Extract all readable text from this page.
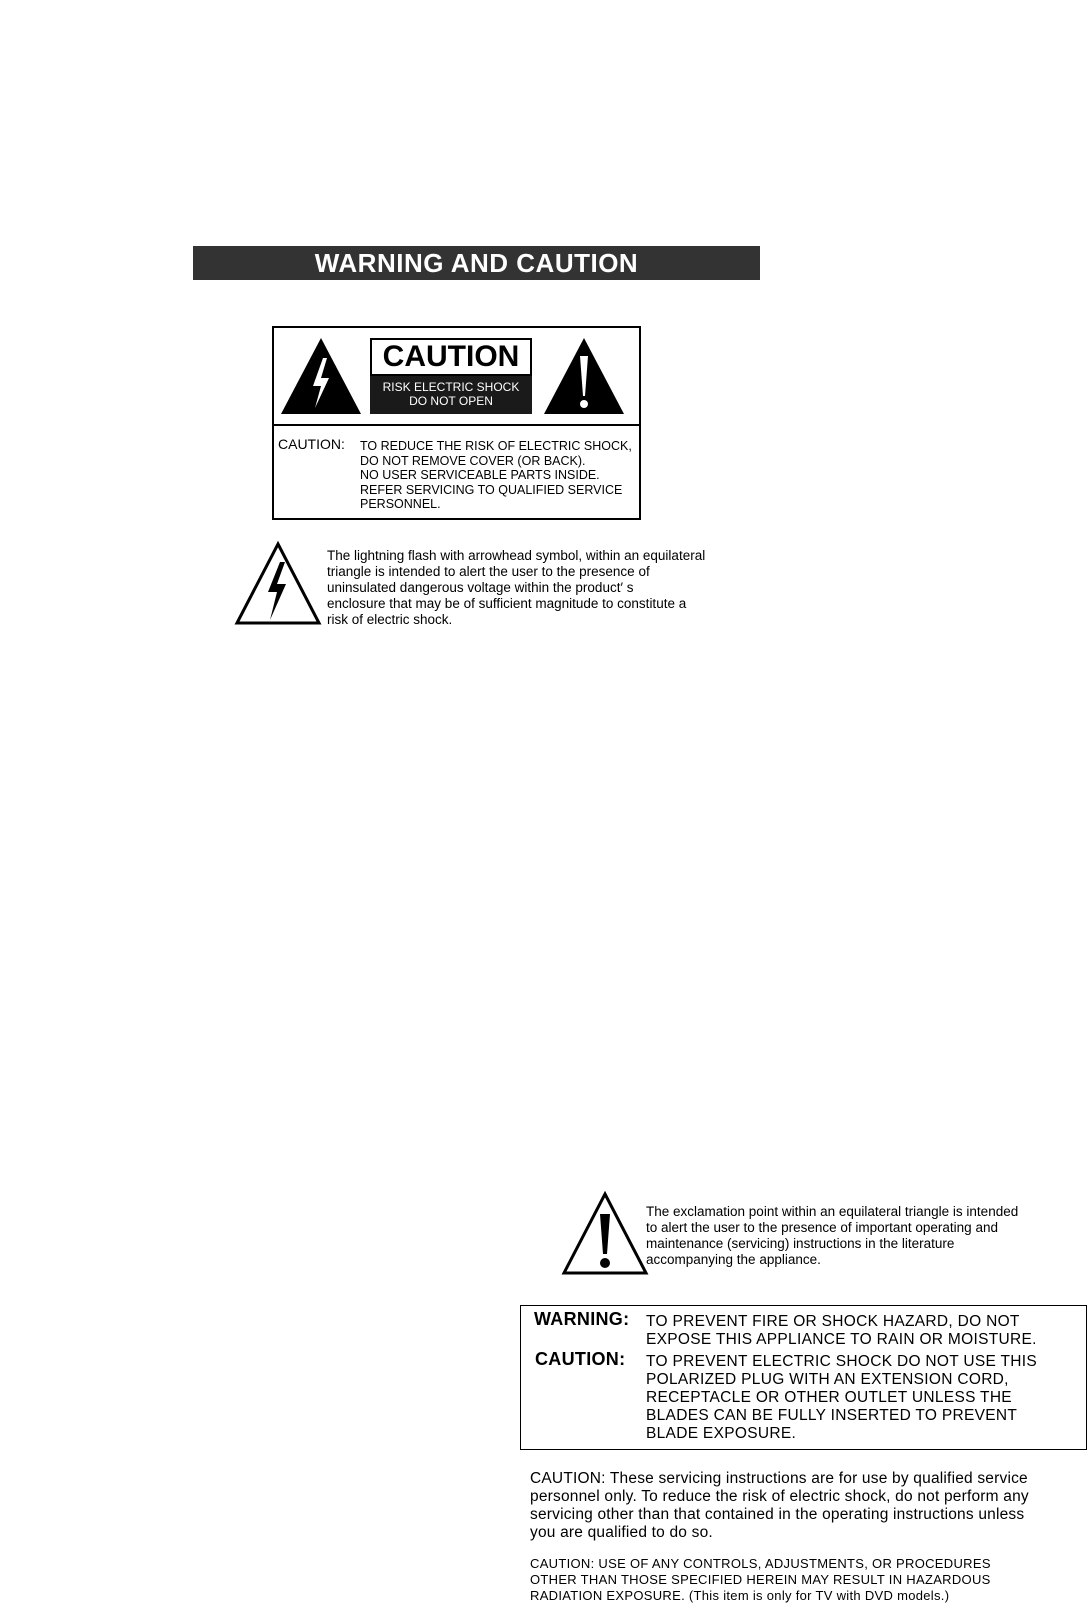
WARNING AND CAUTION
CAUTION
RISK ELECTRIC SHOCK
DO NOT OPEN
CAUTION: TO REDUCE THE RISK OF ELECTRIC SHOCK,
DO NOT REMOVE COVER (OR BACK).
NO USER SERVICEABLE PARTS INSIDE.
REFER SERVICING TO QUALIFIED SERVICE
PERSONNEL.
The lightning flash with arrowhead symbol, within an equilateral
triangle is intended to alert the user to the presence of
uninsulated dangerous voltage within the product′ s
enclosure that may be of sufficient magnitude to constitute a
risk of electric shock.
The exclamation point within an equilateral triangle is intended
to alert the user to the presence of important operating and
maintenance (servicing) instructions in the literature
accompanying the appliance.
WARNING: TO PREVENT FIRE OR SHOCK HAZARD, DO NOT
EXPOSE THIS APPLIANCE TO RAIN OR MOISTURE.
CAUTION: TO PREVENT ELECTRIC SHOCK DO NOT USE THIS
POLARIZED PLUG WITH AN EXTENSION CORD,
RECEPTACLE OR OTHER OUTLET UNLESS THE
BLADES CAN BE FULLY INSERTED TO PREVENT
BLADE EXPOSURE.
CAUTION: These servicing instructions are for use by qualified service
personnel only. To reduce the risk of electric shock, do not perform any
servicing other than that contained in the operating instructions unless
you are qualified to do so.
CAUTION: USE OF ANY CONTROLS, ADJUSTMENTS, OR PROCEDURES
OTHER THAN THOSE SPECIFIED HEREIN MAY RESULT IN HAZARDOUS
RADIATION EXPOSURE. (This item is only for TV with DVD models.)
